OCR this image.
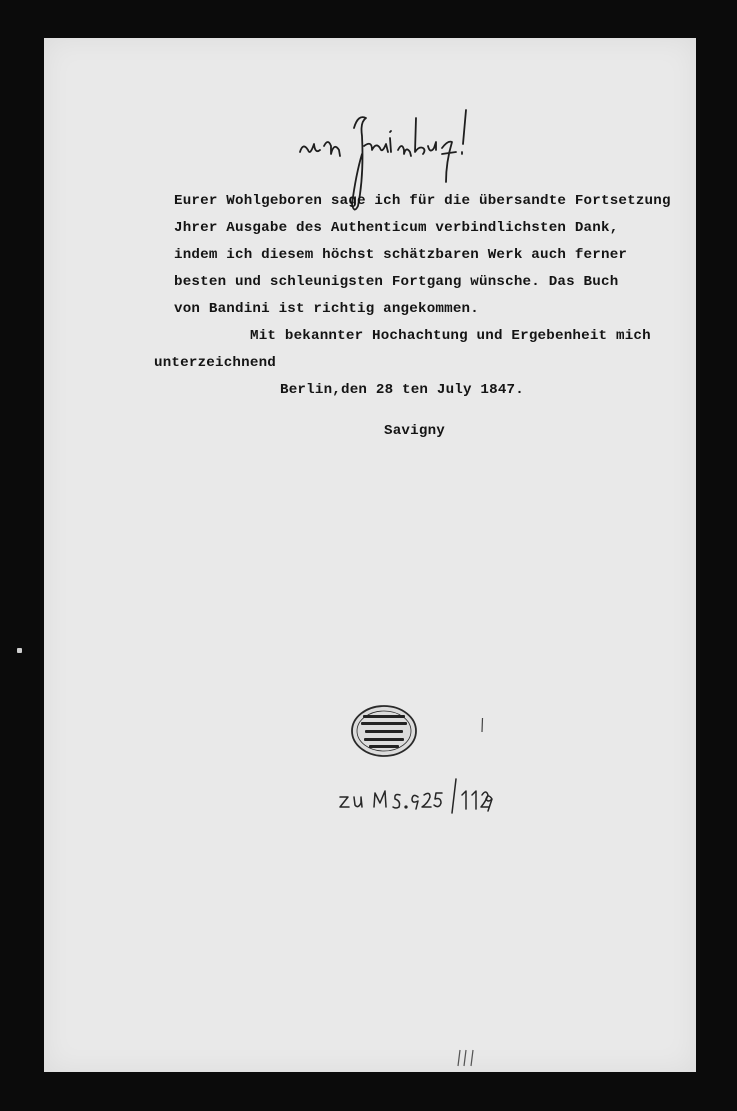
Eurer Wohlgeboren sage ich für die übersandte Fortsetzung
Jhrer Ausgabe des Authenticum verbindlichsten Dank,
indem ich diesem höchst schätzbaren Werk auch ferner
besten und schleunigsten Fortgang wünsche. Das Buch
von Bandini ist richtig angekommen.
Mit bekannter Hochachtung und Ergebenheit mich
unterzeichnend
Berlin,den 28 ten July 1847.
Savigny
